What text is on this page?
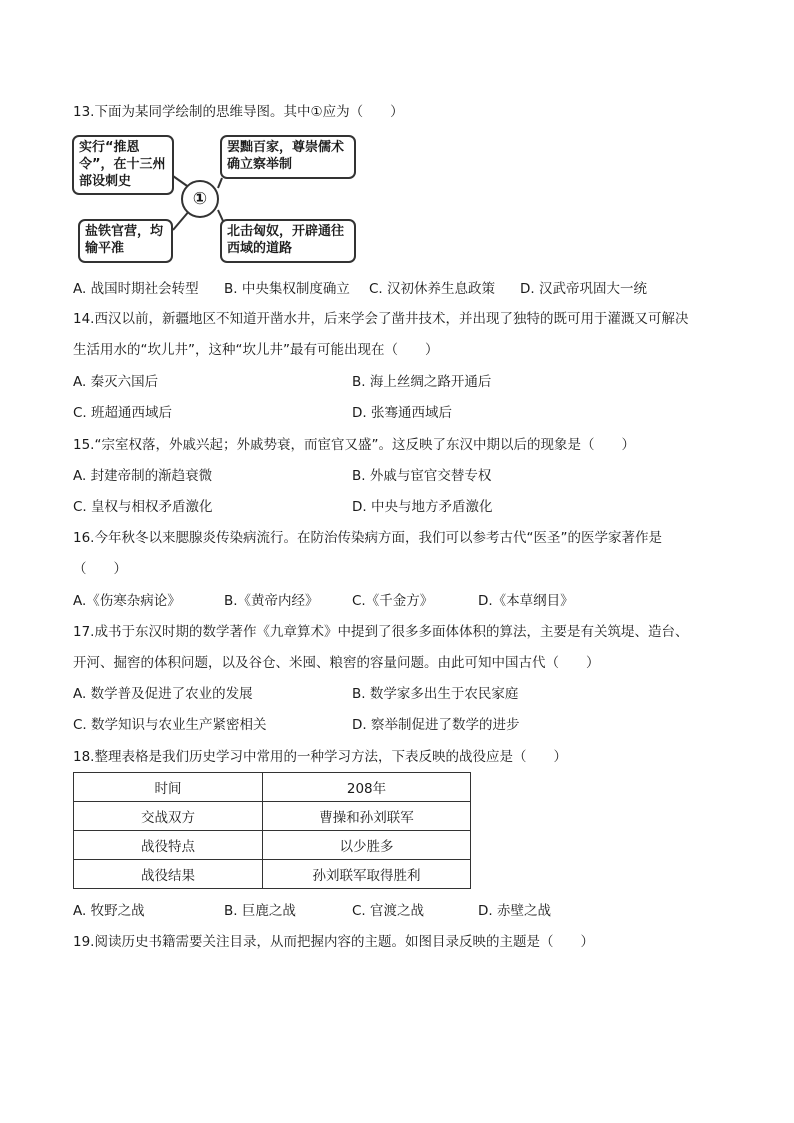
13.下面为某同学绘制的思维导图。其中①应为（　　）
①
实行“推恩令”，在十三州部设刺史
罢黜百家，尊崇儒术确立察举制
盐铁官营，均输平准
北击匈奴，开辟通往西域的道路
A. 战国时期社会转型 B. 中央集权制度确立 C. 汉初休养生息政策 D. 汉武帝巩固大一统
14.西汉以前，新疆地区不知道开凿水井，后来学会了凿井技术，并出现了独特的既可用于灌溉又可解决
生活用水的“坎儿井”，这种“坎儿井”最有可能出现在（　　）
A. 秦灭六国后	B. 海上丝绸之路开通后
C. 班超通西域后	D. 张骞通西域后
15.“宗室权落，外戚兴起；外戚势衰，而宦官又盛”。这反映了东汉中期以后的现象是（　　）
A. 封建帝制的渐趋衰微	B. 外戚与宦官交替专权
C. 皇权与相权矛盾激化	D. 中央与地方矛盾激化
16.今年秋冬以来腮腺炎传染病流行。在防治传染病方面，我们可以参考古代“医圣”的医学家著作是
（　　）
A.《伤寒杂病论》	B.《黄帝内经》 C.《千金方》	D.《本草纲目》
17.成书于东汉时期的数学著作《九章算术》中提到了很多多面体体积的算法，主要是有关筑堤、造台、
开河、掘窖的体积问题，以及谷仓、米囤、粮窖的容量问题。由此可知中国古代（　　）
A. 数学普及促进了农业的发展	B. 数学家多出生于农民家庭
C. 数学知识与农业生产紧密相关	D. 察举制促进了数学的进步
18.整理表格是我们历史学习中常用的一种学习方法，下表反映的战役应是（　　）
时间	208年
交战双方	曹操和孙刘联军
战役特点	以少胜多
战役结果	孙刘联军取得胜利
A. 牧野之战	B. 巨鹿之战	C. 官渡之战	D. 赤壁之战
19.阅读历史书籍需要关注目录，从而把握内容的主题。如图目录反映的主题是（　　）
